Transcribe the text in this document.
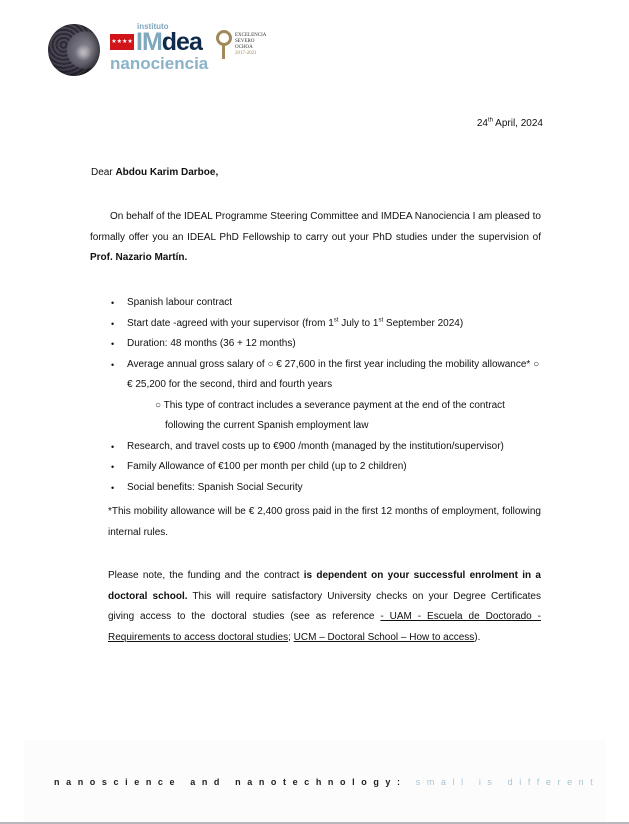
★★★★
instituto
IMdea
nanociencia
EXCELENCIA
SEVERO
OCHOA
2017-2021
24th April, 2024
Dear Abdou Karim Darboe,
On behalf of the IDEAL Programme Steering Committee and IMDEA Nanociencia I am pleased to formally offer you an IDEAL PhD Fellowship to carry out your PhD studies under the supervision of Prof. Nazario Martín.
• Spanish labour contract
• Start date -agreed with your supervisor (from 1st July to 1st September 2024)
• Duration: 48 months (36 + 12 months)
• Average annual gross salary of ○ € 27,600 in the first year including the mobility allowance* ○ € 25,200 for the second, third and fourth years
○ This type of contract includes a severance payment at the end of the contract following the current Spanish employment law
• Research, and travel costs up to €900 /month (managed by the institution/supervisor)
• Family Allowance of €100 per month per child (up to 2 children)
• Social benefits: Spanish Social Security
*This mobility allowance will be € 2,400 gross paid in the first 12 months of employment, following internal rules.
Please note, the funding and the contract is dependent on your successful enrolment in a doctoral school. This will require satisfactory University checks on your Degree Certificates giving access to the doctoral studies (see as reference - UAM - Escuela de Doctorado - Requirements to access doctoral studies; UCM – Doctoral School – How to access).
nanoscience and nanotechnology: small is different
